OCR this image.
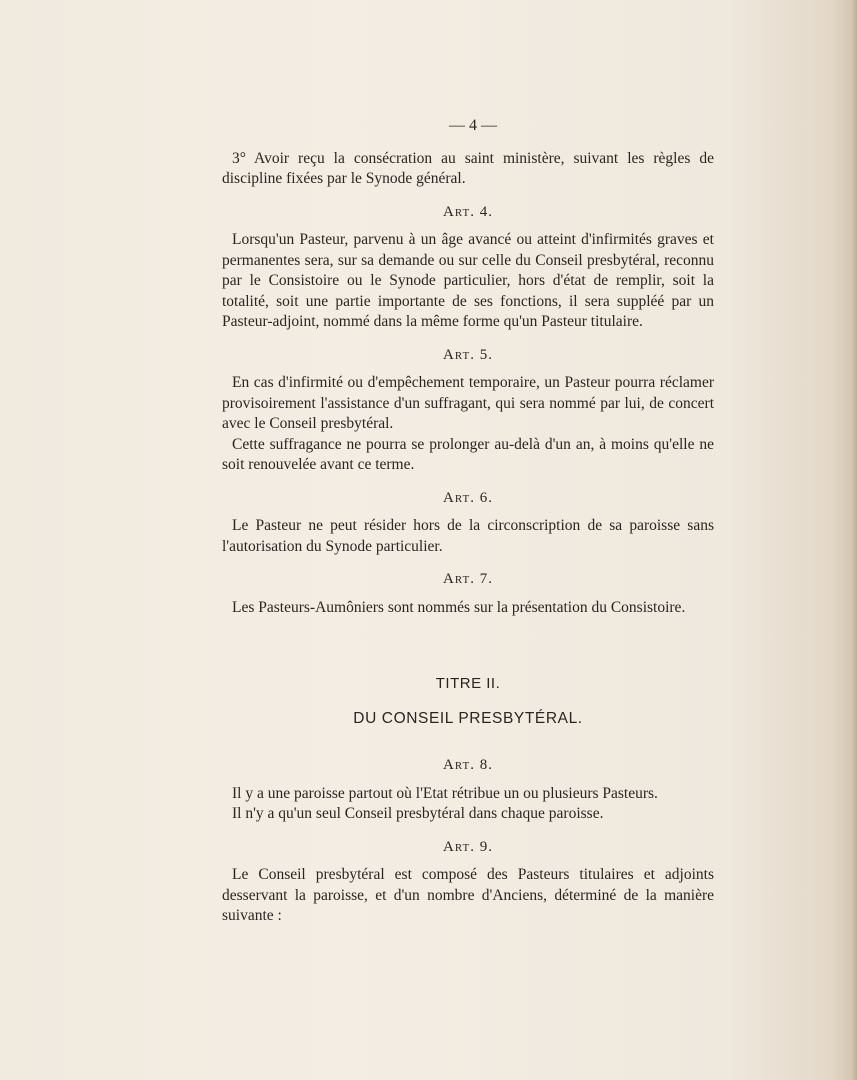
— 4 —

3° Avoir reçu la consécration au saint ministère, suivant les règles de discipline fixées par le Synode général.

Art. 4.

Lorsqu'un Pasteur, parvenu à un âge avancé ou atteint d'infirmités graves et permanentes sera, sur sa demande ou sur celle du Conseil presbytéral, reconnu par le Consistoire ou le Synode particulier, hors d'état de remplir, soit la totalité, soit une partie importante de ses fonctions, il sera suppléé par un Pasteur-adjoint, nommé dans la même forme qu'un Pasteur titulaire.

Art. 5.

En cas d'infirmité ou d'empêchement temporaire, un Pasteur pourra réclamer provisoirement l'assistance d'un suffragant, qui sera nommé par lui, de concert avec le Conseil presbytéral.

Cette suffragance ne pourra se prolonger au-delà d'un an, à moins qu'elle ne soit renouvelée avant ce terme.

Art. 6.

Le Pasteur ne peut résider hors de la circonscription de sa paroisse sans l'autorisation du Synode particulier.

Art. 7.

Les Pasteurs-Aumôniers sont nommés sur la présentation du Consistoire.

TITRE II.
DU CONSEIL PRESBYTÉRAL.
Art. 8.

Il y a une paroisse partout où l'Etat rétribue un ou plusieurs Pasteurs.

Il n'y a qu'un seul Conseil presbytéral dans chaque paroisse.

Art. 9.

Le Conseil presbytéral est composé des Pasteurs titulaires et adjoints desservant la paroisse, et d'un nombre d'Anciens, déterminé de la manière suivante :
